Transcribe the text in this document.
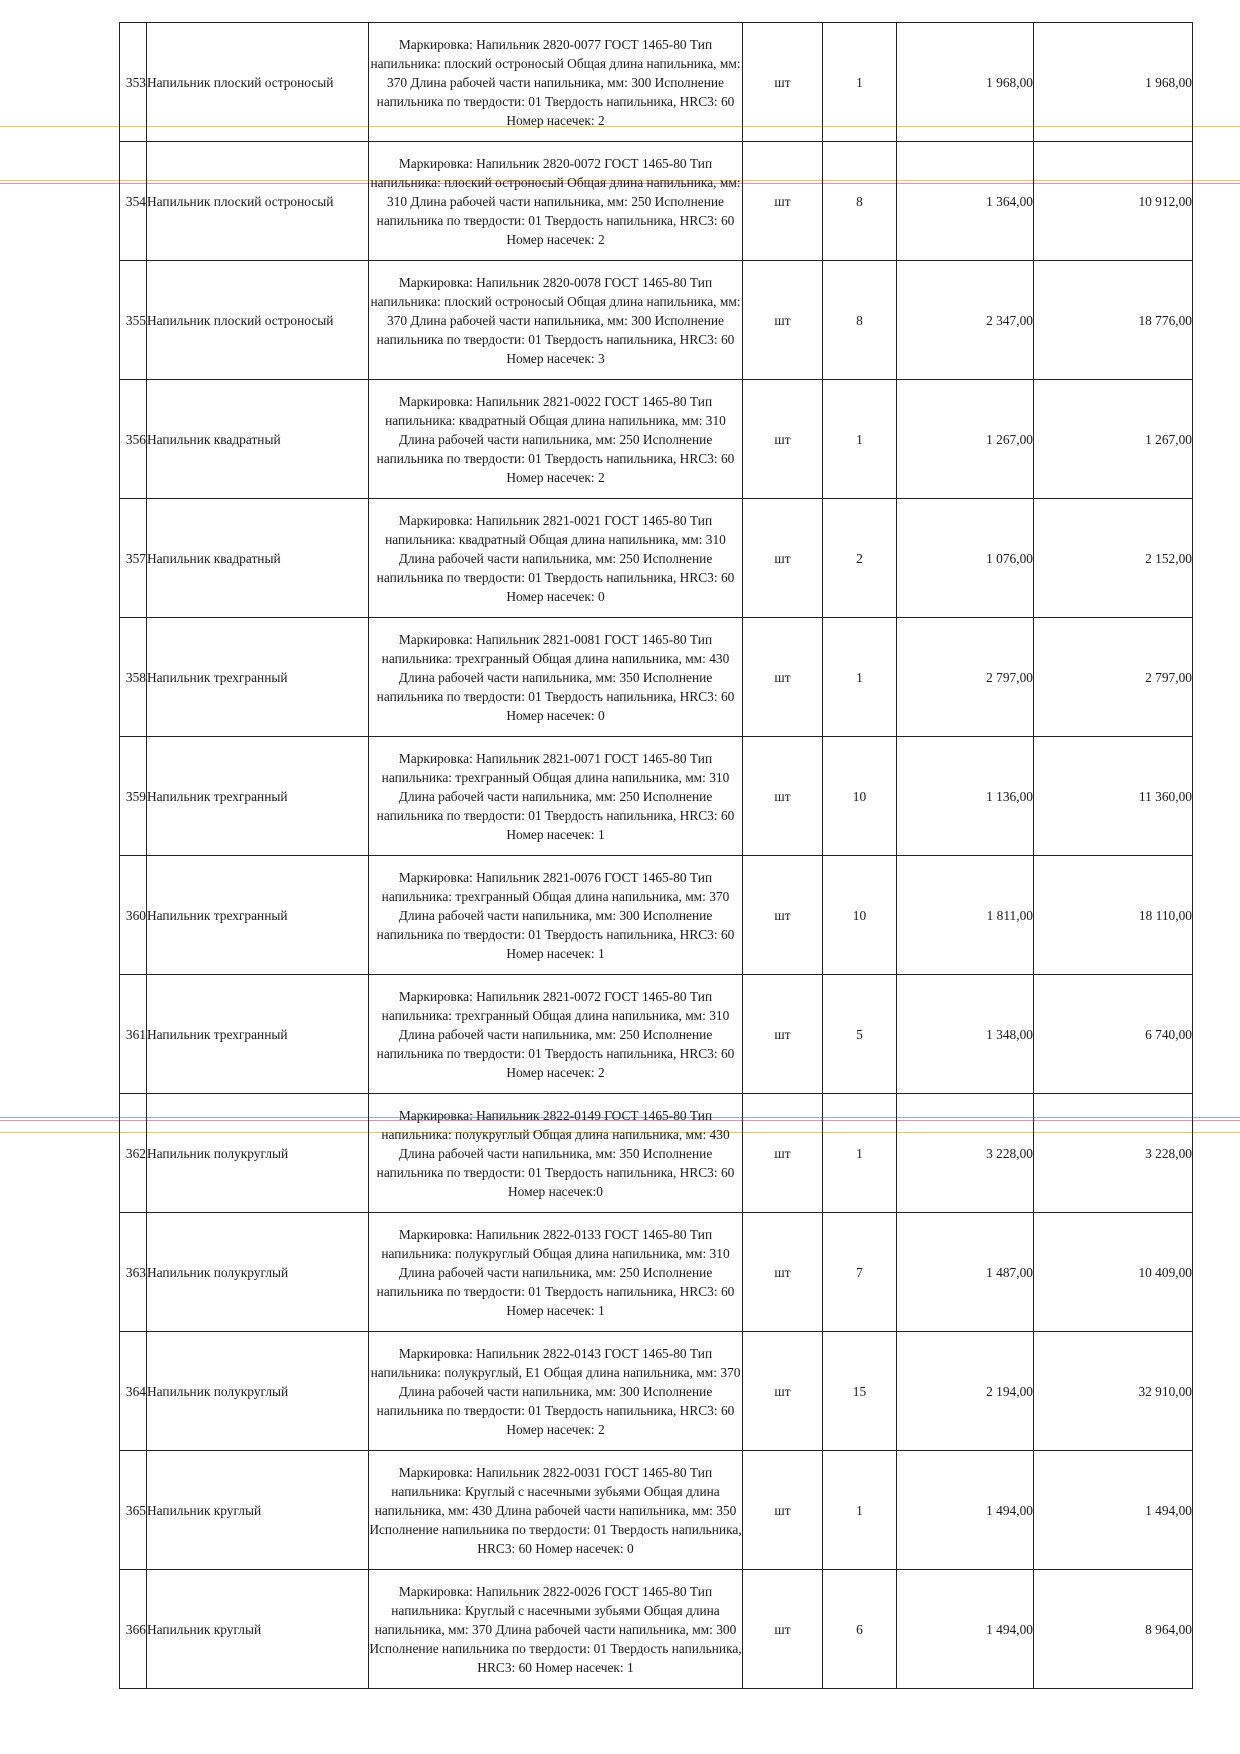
353	Напильник плоский остроносый	Маркировка: Напильник 2820-0077 ГОСТ 1465-80 Тип напильника: плоский остроносый Общая длина напильника, мм: 370 Длина рабочей части напильника, мм: 300 Исполнение напильника по твердости: 01 Твердость напильника, HRC3: 60 Номер насечек: 2	шт	1	1 968,00	1 968,00
354	Напильник плоский остроносый	Маркировка: Напильник 2820-0072 ГОСТ 1465-80 Тип напильника: плоский остроносый Общая длина напильника, мм: 310 Длина рабочей части напильника, мм: 250 Исполнение напильника по твердости: 01 Твердость напильника, HRC3: 60 Номер насечек: 2	шт	8	1 364,00	10 912,00
355	Напильник плоский остроносый	Маркировка: Напильник 2820-0078 ГОСТ 1465-80 Тип напильника: плоский остроносый Общая длина напильника, мм: 370 Длина рабочей части напильника, мм: 300 Исполнение напильника по твердости: 01 Твердость напильника, HRC3: 60 Номер насечек: 3	шт	8	2 347,00	18 776,00
356	Напильник квадратный	Маркировка: Напильник 2821-0022 ГОСТ 1465-80 Тип напильника: квадратный Общая длина напильника, мм: 310 Длина рабочей части напильника, мм: 250 Исполнение напильника по твердости: 01 Твердость напильника, HRC3: 60 Номер насечек: 2	шт	1	1 267,00	1 267,00
357	Напильник квадратный	Маркировка: Напильник 2821-0021 ГОСТ 1465-80 Тип напильника: квадратный Общая длина напильника, мм: 310 Длина рабочей части напильника, мм: 250 Исполнение напильника по твердости: 01 Твердость напильника, HRC3: 60 Номер насечек: 0	шт	2	1 076,00	2 152,00
358	Напильник трехгранный	Маркировка: Напильник 2821-0081 ГОСТ 1465-80 Тип напильника: трехгранный Общая длина напильника, мм: 430 Длина рабочей части напильника, мм: 350 Исполнение напильника по твердости: 01 Твердость напильника, HRC3: 60 Номер насечек: 0	шт	1	2 797,00	2 797,00
359	Напильник трехгранный	Маркировка: Напильник 2821-0071 ГОСТ 1465-80 Тип напильника: трехгранный Общая длина напильника, мм: 310 Длина рабочей части напильника, мм: 250 Исполнение напильника по твердости: 01 Твердость напильника, HRC3: 60 Номер насечек: 1	шт	10	1 136,00	11 360,00
360	Напильник трехгранный	Маркировка: Напильник 2821-0076 ГОСТ 1465-80 Тип напильника: трехгранный Общая длина напильника, мм: 370 Длина рабочей части напильника, мм: 300 Исполнение напильника по твердости: 01 Твердость напильника, HRC3: 60 Номер насечек: 1	шт	10	1 811,00	18 110,00
361	Напильник трехгранный	Маркировка: Напильник 2821-0072 ГОСТ 1465-80 Тип напильника: трехгранный Общая длина напильника, мм: 310 Длина рабочей части напильника, мм: 250 Исполнение напильника по твердости: 01 Твердость напильника, HRC3: 60 Номер насечек: 2	шт	5	1 348,00	6 740,00
362	Напильник полукруглый	Маркировка: Напильник 2822-0149 ГОСТ 1465-80 Тип напильника: полукруглый Общая длина напильника, мм: 430 Длина рабочей части напильника, мм: 350 Исполнение напильника по твердости: 01 Твердость напильника, HRC3: 60 Номер насечек:0	шт	1	3 228,00	3 228,00
363	Напильник полукруглый	Маркировка: Напильник 2822-0133 ГОСТ 1465-80 Тип напильника: полукруглый Общая длина напильника, мм: 310 Длина рабочей части напильника, мм: 250 Исполнение напильника по твердости: 01 Твердость напильника, HRC3: 60 Номер насечек: 1	шт	7	1 487,00	10 409,00
364	Напильник полукруглый	Маркировка: Напильник 2822-0143 ГОСТ 1465-80 Тип напильника: полукруглый, Е1 Общая длина напильника, мм: 370 Длина рабочей части напильника, мм: 300 Исполнение напильника по твердости: 01 Твердость напильника, HRC3: 60 Номер насечек: 2	шт	15	2 194,00	32 910,00
365	Напильник круглый	Маркировка: Напильник 2822-0031 ГОСТ 1465-80 Тип напильника: Круглый с насечными зубьями Общая длина напильника, мм: 430 Длина рабочей части напильника, мм: 350 Исполнение напильника по твердости: 01 Твердость напильника, HRC3: 60 Номер насечек: 0	шт	1	1 494,00	1 494,00
366	Напильник круглый	Маркировка: Напильник 2822-0026 ГОСТ 1465-80 Тип напильника: Круглый с насечными зубьями Общая длина напильника, мм: 370 Длина рабочей части напильника, мм: 300 Исполнение напильника по твердости: 01 Твердость напильника, HRC3: 60 Номер насечек: 1	шт	6	1 494,00	8 964,00
